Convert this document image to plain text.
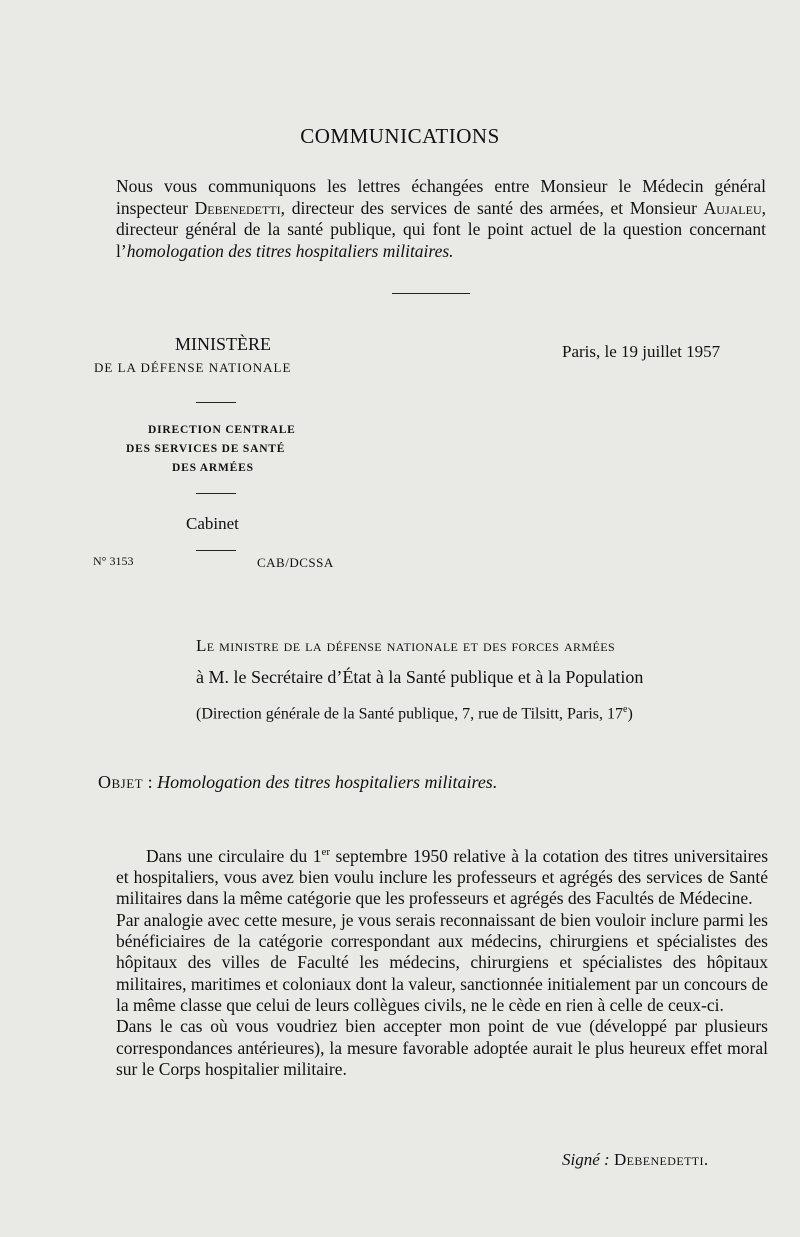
COMMUNICATIONS

Nous vous communiquons les lettres échangées entre Monsieur le Médecin général inspecteur Debenedetti, directeur des services de santé des armées, et Monsieur Aujaleu, directeur général de la santé publique, qui font le point actuel de la question concernant l’homologation des titres hospitaliers militaires.

MINISTÈRE
DE LA DÉFENSE NATIONALE
Paris, le 19 juillet 1957
DIRECTION CENTRALE
DES SERVICES DE SANTÉ
DES ARMÉES
Cabinet
N° 3153	CAB/DCSSA
Le ministre de la défense nationale et des forces armées
à M. le Secrétaire d’État à la Santé publique et à la Population
(Direction générale de la Santé publique, 7, rue de Tilsitt, Paris, 17e)
Objet : Homologation des titres hospitaliers militaires.

Dans une circulaire du 1er septembre 1950 relative à la cotation des titres universitaires et hospitaliers, vous avez bien voulu inclure les professeurs et agrégés des services de Santé militaires dans la même catégorie que les professeurs et agrégés des Facultés de Médecine.

Par analogie avec cette mesure, je vous serais reconnaissant de bien vouloir inclure parmi les bénéficiaires de la catégorie correspondant aux médecins, chirurgiens et spécialistes des hôpitaux des villes de Faculté les médecins, chirurgiens et spécialistes des hôpitaux militaires, maritimes et coloniaux dont la valeur, sanctionnée initialement par un concours de la même classe que celui de leurs collègues civils, ne le cède en rien à celle de ceux-ci.

Dans le cas où vous voudriez bien accepter mon point de vue (développé par plusieurs correspondances antérieures), la mesure favorable adoptée aurait le plus heureux effet moral sur le Corps hospitalier militaire.

Signé : Debenedetti.
